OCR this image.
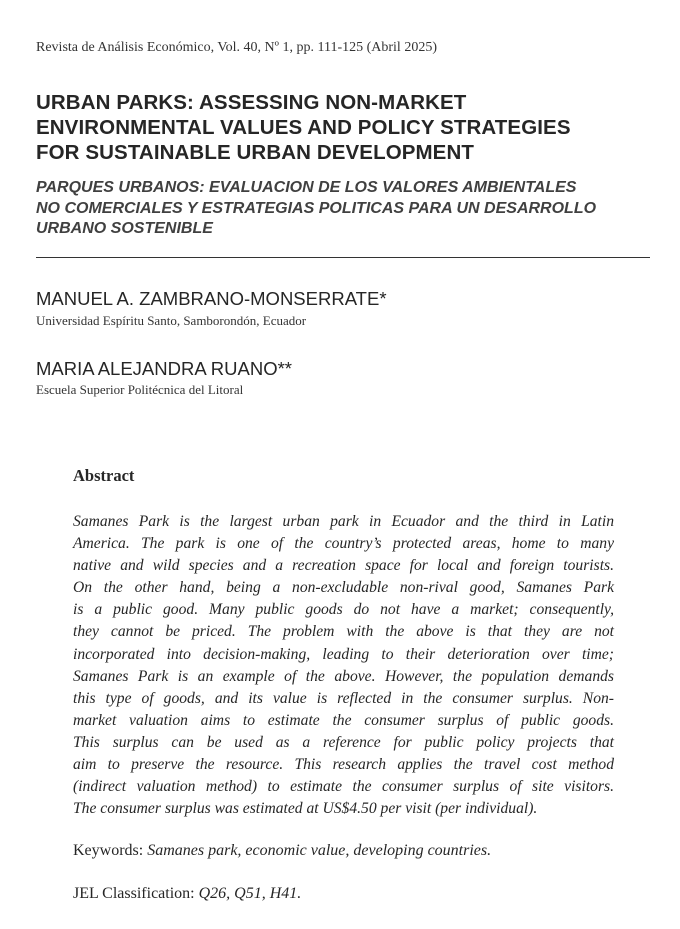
Revista de Análisis Económico, Vol. 40, Nº 1, pp. 111-125 (Abril 2025)
URBAN PARKS: ASSESSING NON-MARKET
ENVIRONMENTAL VALUES AND POLICY STRATEGIES
FOR SUSTAINABLE URBAN DEVELOPMENT
PARQUES URBANOS: EVALUACION DE LOS VALORES AMBIENTALES
NO COMERCIALES Y ESTRATEGIAS POLITICAS PARA UN DESARROLLO
URBANO SOSTENIBLE
MANUEL A. ZAMBRANO-MONSERRATE*
Universidad Espíritu Santo, Samborondón, Ecuador
MARIA ALEJANDRA RUANO**
Escuela Superior Politécnica del Litoral
Abstract
Samanes Park is the largest urban park in Ecuador and the third in Latin
America. The park is one of the country’s protected areas, home to many
native and wild species and a recreation space for local and foreign tourists.
On the other hand, being a non-excludable non-rival good, Samanes Park
is a public good. Many public goods do not have a market; consequently,
they cannot be priced. The problem with the above is that they are not
incorporated into decision-making, leading to their deterioration over time;
Samanes Park is an example of the above. However, the population demands
this type of goods, and its value is reflected in the consumer surplus. Non-
market valuation aims to estimate the consumer surplus of public goods.
This surplus can be used as a reference for public policy projects that
aim to preserve the resource. This research applies the travel cost method
(indirect valuation method) to estimate the consumer surplus of site visitors.
The consumer surplus was estimated at US$4.50 per visit (per individual).
Keywords: Samanes park, economic value, developing countries.
JEL Classification: Q26, Q51, H41.
